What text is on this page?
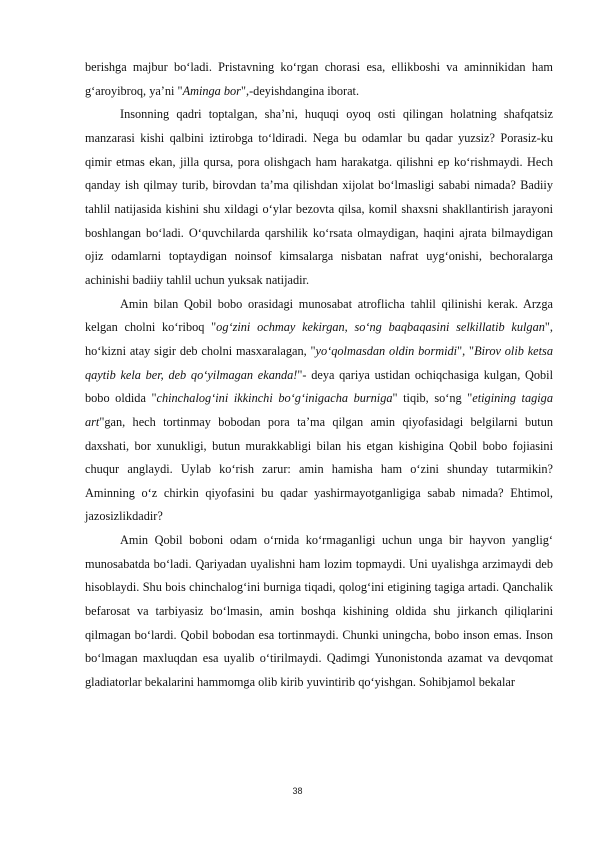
berishga majbur bo‘ladi. Pristavning ko‘rgan chorasi esa, ellikboshi va aminnikidan ham g‘aroyibroq, ya’ni "Aminga bor",-deyishdangina iborat.

Insonning qadri toptalgan, sha’ni, huquqi oyoq osti qilingan holatning shafqatsiz manzarasi kishi qalbini iztirobga to‘ldiradi. Nega bu odamlar bu qadar yuzsiz? Porasiz-ku qimir etmas ekan, jilla qursa, pora olishgach ham harakatga. qilishni ep ko‘rishmaydi. Hech qanday ish qilmay turib, birovdan ta’ma qilishdan xijolat bo‘lmasligi sababi nimada? Badiiy tahlil natijasida kishini shu xildagi o‘ylar bezovta qilsa, komil shaxsni shakllantirish jarayoni boshlangan bo‘ladi. O‘quvchilarda qarshilik ko‘rsata olmaydigan, haqini ajrata bilmaydigan ojiz odamlarni toptaydigan noinsof kimsalarga nisbatan nafrat uyg‘onishi, bechoralarga achinishi badiiy tahlil uchun yuksak natijadir.

Amin bilan Qobil bobo orasidagi munosabat atroflicha tahlil qilinishi kerak. Arzga kelgan cholni ko‘riboq "og‘zini ochmay kekirgan, so‘ng baqbaqasini selkillatib kulgan", ho‘kizni atay sigir deb cholni masxaralagan, "yo‘qolmasdan oldin bormidi", "Birov olib ketsa qaytib kela ber, deb qo‘yilmagan ekanda!"- deya qariya ustidan ochiqchasiga kulgan, Qobil bobo oldida "chinchalog‘ini ikkinchi bo‘g‘inigacha burniga" tiqib, so‘ng "etigining tagiga art"gan, hech tortinmay bobodan pora ta’ma qilgan amin qiyofasidagi belgilarni butun daxshati, bor xunukligi, butun murakkabligi bilan his etgan kishigina Qobil bobo fojiasini chuqur anglaydi. Uylab ko‘rish zarur: amin hamisha ham o‘zini shunday tutarmikin? Aminning o‘z chirkin qiyofasini bu qadar yashirmayotganligiga sabab nimada? Ehtimol, jazosizlikdadir?

Amin Qobil boboni odam o‘rnida ko‘rmaganligi uchun unga bir hayvon yanglig‘ munosabatda bo‘ladi. Qariyadan uyalishni ham lozim topmaydi. Uni uyalishga arzimaydi deb hisoblaydi. Shu bois chinchalog‘ini burniga tiqadi, qolog‘ini etigining tagiga artadi. Qanchalik befarosat va tarbiyasiz bo‘lmasin, amin boshqa kishining oldida shu jirkanch qiliqlarini qilmagan bo‘lardi. Qobil bobodan esa tortinmaydi. Chunki uningcha, bobo inson emas. Inson bo‘lmagan maxluqdan esa uyalib o‘tirilmaydi. Qadimgi Yunonistonda azamat va devqomat gladiatorlar bekalarini hammomga olib kirib yuvintirib qo‘yishgan. Sohibjamol bekalar

38
